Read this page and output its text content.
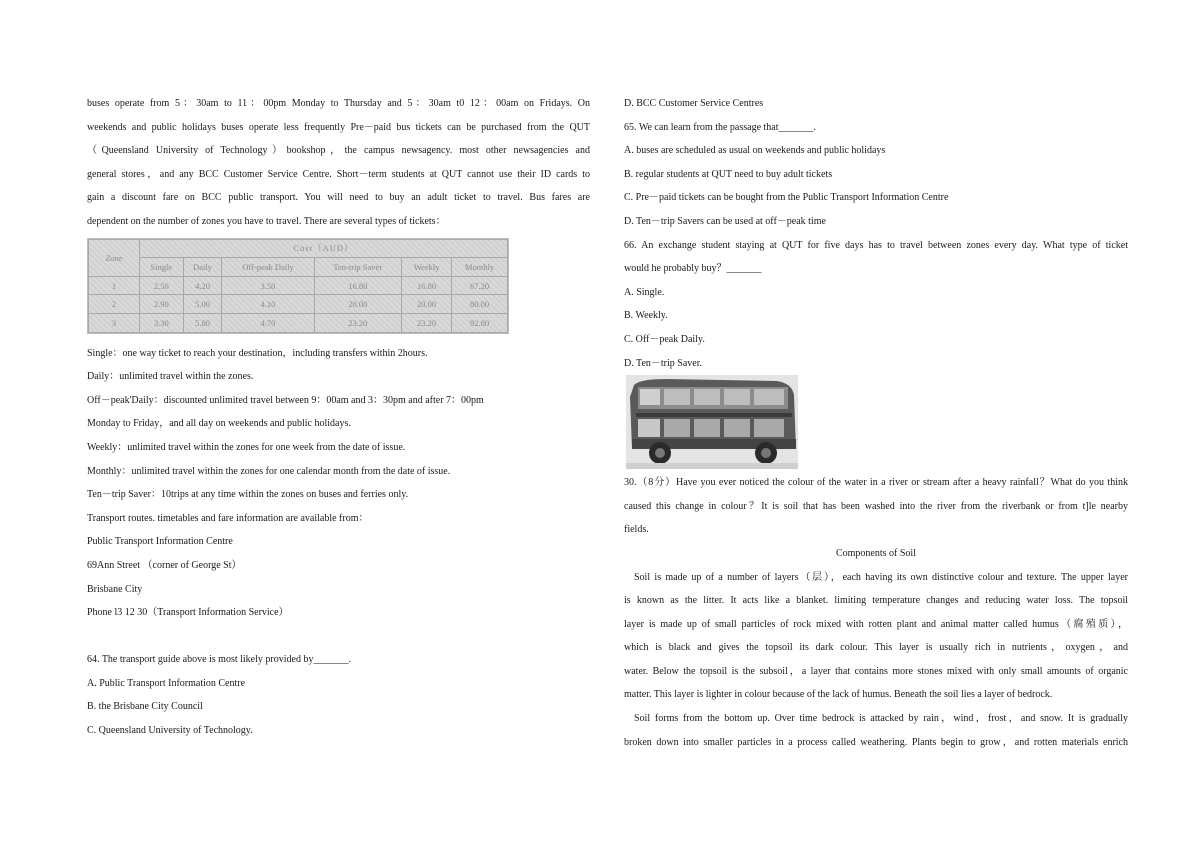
buses operate from 5：30am to 11：00pm Monday to Thursday and 5：30am t0 12：00am on Fridays. On

weekends and public holidays buses operate less frequently Pre－paid bus tickets can be purchased from the QUT

（Queensland University of Technology）bookshop，the campus newsagency. most other newsagencies and

general stores，and any BCC Customer Service Centre. Short－term students at QUT cannot use their ID cards to

gain a discount fare on BCC public transport. You will need to buy an adult ticket to travel. Bus fares are

dependent on the number of zones you have to travel. There are several types of tickets：

Zone	Cost（AUD）					
	Single	Daily	Off-peak Daily	Ten-trip Saver	Weekly	Monthly
1	2.50	4.20	3.50	16.80	16.80	67.20
2	2.90	5.00	4.10	20.00	20.00	80.00
3	3.30	5.80	4.70	23.20	23.20	92.80

Single：one way ticket to reach your destination，including transfers within 2hours.

Daily：unlimited travel within the zones.

Off－peak'Daily：discounted unlimited travel between 9：00am and 3：30pm and after 7：00pm

Monday to Friday，and all day on weekends and public holidays.

Weekly：unlimited travel within the zones for one week from the date of issue.

Monthly：unlimited travel within the zones for one calendar month from the date of issue.

Ten－trip Saver：10trips at any time within the zones on buses and ferries only.

Transport routes. timetables and fare information are available from：

Public Transport Information Centre

69Ann Street （corner of George St）

Brisbane City

Phone l3 12 30（Transport Information Service）

64. The transport guide above is most likely provided by_______.

A. Public Transport Information Centre

B. the Brisbane City Council

C. Queensland University of Technology.

D. BCC Customer Service Centres

65. We can learn from the passage that_______.

A. buses are scheduled as usual on weekends and public holidays

B. regular students at QUT need to buy adult tickets

C. Pre－paid tickets can be bought from the Public Transport Information Centre

D. Ten－trip Savers can be used at off－peak time

66. An exchange student staying at QUT for five days has to travel between zones every day. What type of ticket

would he probably buy？_______

A. Single.

B. Weekly.

C. Off－peak Daily.

D. Ten－trip Saver.

30.（8分）Have you ever noticed the colour of the water in a river or stream after a heavy rainfall？What do you think

caused this change in colour？It is soil that has been washed into the river from the riverbank or from t]le nearby

fields.

Components of Soil

Soil is made up of a number of layers（层），each having its own distinctive colour and texture. The upper layer

is known as the litter. It acts like a blanket. limiting temperature changes and reducing water loss. The topsoil

layer is made up of small particles of rock mixed with rotten plant and animal matter called humus（腐殖质），

which is black and gives the topsoil its dark colour. This layer is usually rich in nutrients，oxygen，and

water. Below the topsoil is the subsoil，a layer that contains more stones mixed with only small amounts of organic

matter. This layer is lighter in colour because of the lack of humus. Beneath the soil lies a layer of bedrock.

Soil forms from the bottom up. Over time bedrock is attacked by rain，wind，frost，and snow. It is gradually

broken down into smaller particles in a process called weathering. Plants begin to grow，and rotten materials enrich
